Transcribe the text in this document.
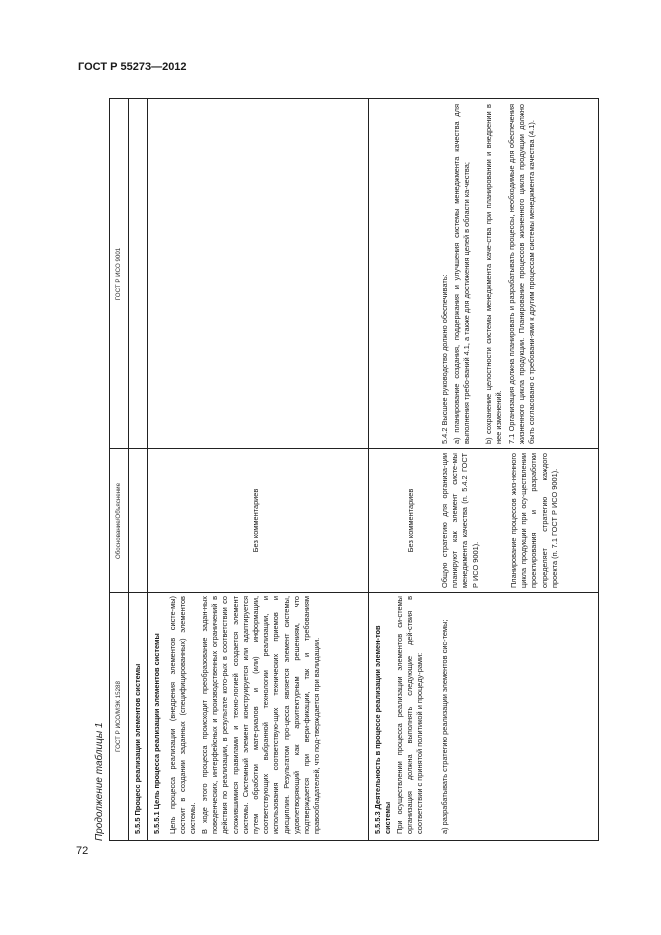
ГОСТ Р 55273—2012
72
Продолжение таблицы 1
ГОСТ Р ИСО/МЭК 15288
Обоснование/Объяснение
ГОСТ Р ИСО 9001
5.5.5 Процесс реализации элементов системы 5.5.5.1 Цель процесса реализации элементов системы Цель процесса реализации (внедрения элементов систе-мы) состоит в создании заданных (специфицированных) элементов системы. В ходе этого процесса происходит преобразование задан-ных поведенческих, интерфейсных и производственных ограничений в действия по реализации, в результате кото-рых в соответствии со сложившимися правилами и техно-логией создается элемент системы. Системный элемент конструируется или адаптируется путем обработки мате-риалов и (или) информации, соответствующих выбранной технологии реализации, и использования соответствую-щих технических приемов и дисциплин. Результатом про-цесса является элемент системы, удовлетворяющий как архитектурным решениям, что подтверждается при вери-фикации, так и требованиям правообладателей, что под-тверждается при валидации.
Без комментариев
5.5.5.3 Деятельность в процессе реализации элемен-тов системы При осуществлении процесса реализации элементов си-стемы организация должна выполнять следующие дей-ствия в соответствии с принятой политикой и процеду-рами:
Без комментариев
а) разрабатывать стратегию реализации элементов сис-темы;
Общую стратегию для организа-ции планируют как элемент систе-мы менеджмента качества (п. 5.4.2 ГОСТ Р ИСО 9001).	Планирование процессов жиз-ненного цикла продукции при осу-ществлении проектирования и разработки определяет стратегию каждого проекта (п. 7.1 ГОСТ Р ИСО 9001).
5.4.2 Высшее руководство должно обеспечивать: а) планирование создания, поддержания и улучшения системы менеджмента качества для выполнения требо-ваний 4.1, а также для достижения целей в области ка-чества; b) сохранение целостности системы менеджмента каче-ства при планировании и внедрении в нее изменений. 7.1 Организация должна планировать и разрабатывать процессы, необходимые для обеспечения жизненного цикла продукции. Планирование процессов жизненного цикла продукции должно быть согласовано с требовани-ями к другим процессам системы менеджмента качества (4.1).
